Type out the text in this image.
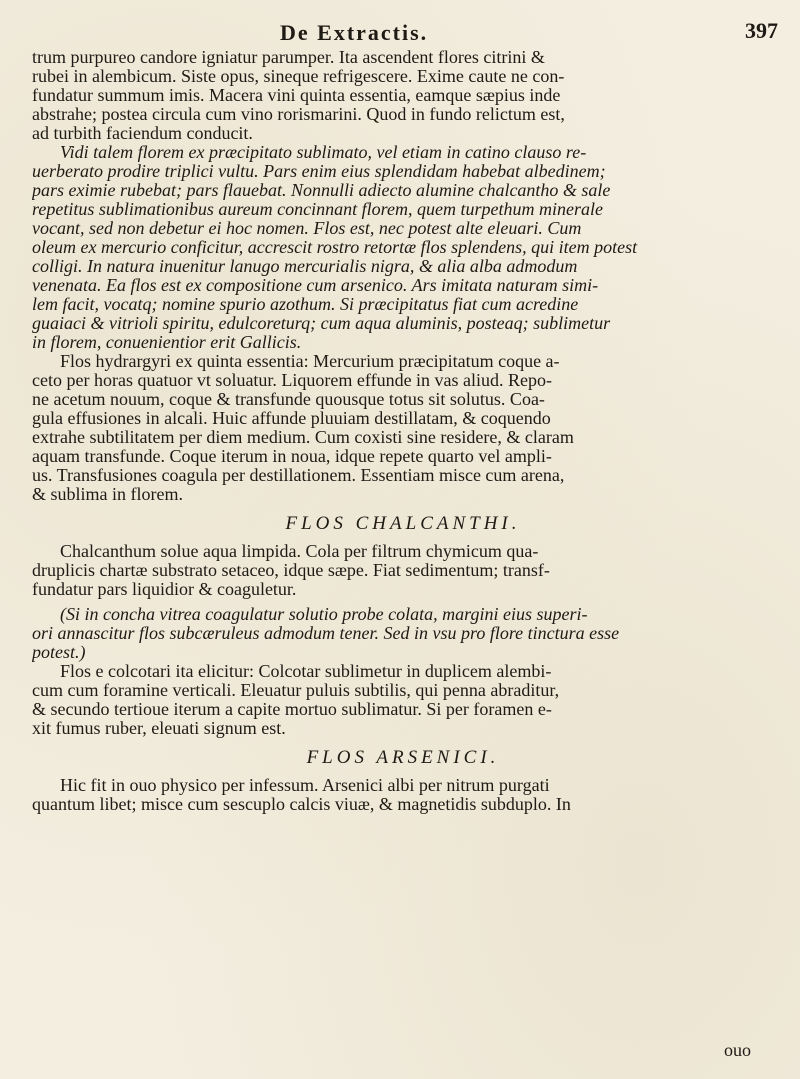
De Extractis.	397
trum purpureo candore igniatur parumper. Ita ascendent flores citrini &
rubei in alembicum. Siste opus, sineque refrigescere. Exime caute ne con-
fundatur summum imis. Macera vini quinta essentia, eamque sæpius inde
abstrahe; postea circula cum vino rorismarini. Quod in fundo relictum est,
ad turbith faciendum conducit.
Vidi talem florem ex præcipitato sublimato, vel etiam in catino clauso re-
uerberato prodire triplici vultu. Pars enim eius splendidam habebat albedinem;
pars eximie rubebat; pars flauebat. Nonnulli adiecto alumine chalcantho & sale
repetitus sublimationibus aureum concinnant florem, quem turpethum minerale
vocant, sed non debetur ei hoc nomen. Flos est, nec potest alte eleuari. Cum
oleum ex mercurio conficitur, accrescit rostro retortæ flos splendens, qui item potest
colligi. In natura inuenitur lanugo mercurialis nigra, & alia alba admodum
venenata. Ea flos est ex compositione cum arsenico. Ars imitata naturam simi-
lem facit, vocatq; nomine spurio azothum. Si præcipitatus fiat cum acredine
guaiaci & vitrioli spiritu, edulcoreturq; cum aqua aluminis, posteaq; sublimetur
in florem, conuenientior erit Gallicis.
Flos hydrargyri ex quinta essentia: Mercurium præcipitatum coque a-
ceto per horas quatuor vt soluatur. Liquorem effunde in vas aliud. Repo-
ne acetum nouum, coque & transfunde quousque totus sit solutus. Coa-
gula effusiones in alcali. Huic affunde pluuiam destillatam, & coquendo
extrahe subtilitatem per diem medium. Cum coxisti sine residere, & claram
aquam transfunde. Coque iterum in noua, idque repete quarto vel ampli-
us. Transfusiones coagula per destillationem. Essentiam misce cum arena,
& sublima in florem.
FLOS CHALCANTHI.
Chalcanthum solue aqua limpida. Cola per filtrum chymicum qua-
druplicis chartæ substrato setaceo, idque sæpe. Fiat sedimentum; transf-
fundatur pars liquidior & coaguletur.
(Si in concha vitrea coagulatur solutio probe colata, margini eius superi-
ori annascitur flos subcæruleus admodum tener. Sed in vsu pro flore tinctura esse
potest.)
Flos e colcotari ita elicitur: Colcotar sublimetur in duplicem alembi-
cum cum foramine verticali. Eleuatur puluis subtilis, qui penna abraditur,
& secundo tertioue iterum a capite mortuo sublimatur. Si per foramen e-
xit fumus ruber, eleuati signum est.
FLOS ARSENICI.
Hic fit in ouo physico per infessum. Arsenici albi per nitrum purgati
quantum libet; misce cum sescuplo calcis viuæ, & magnetidis subduplo. In
ouo
